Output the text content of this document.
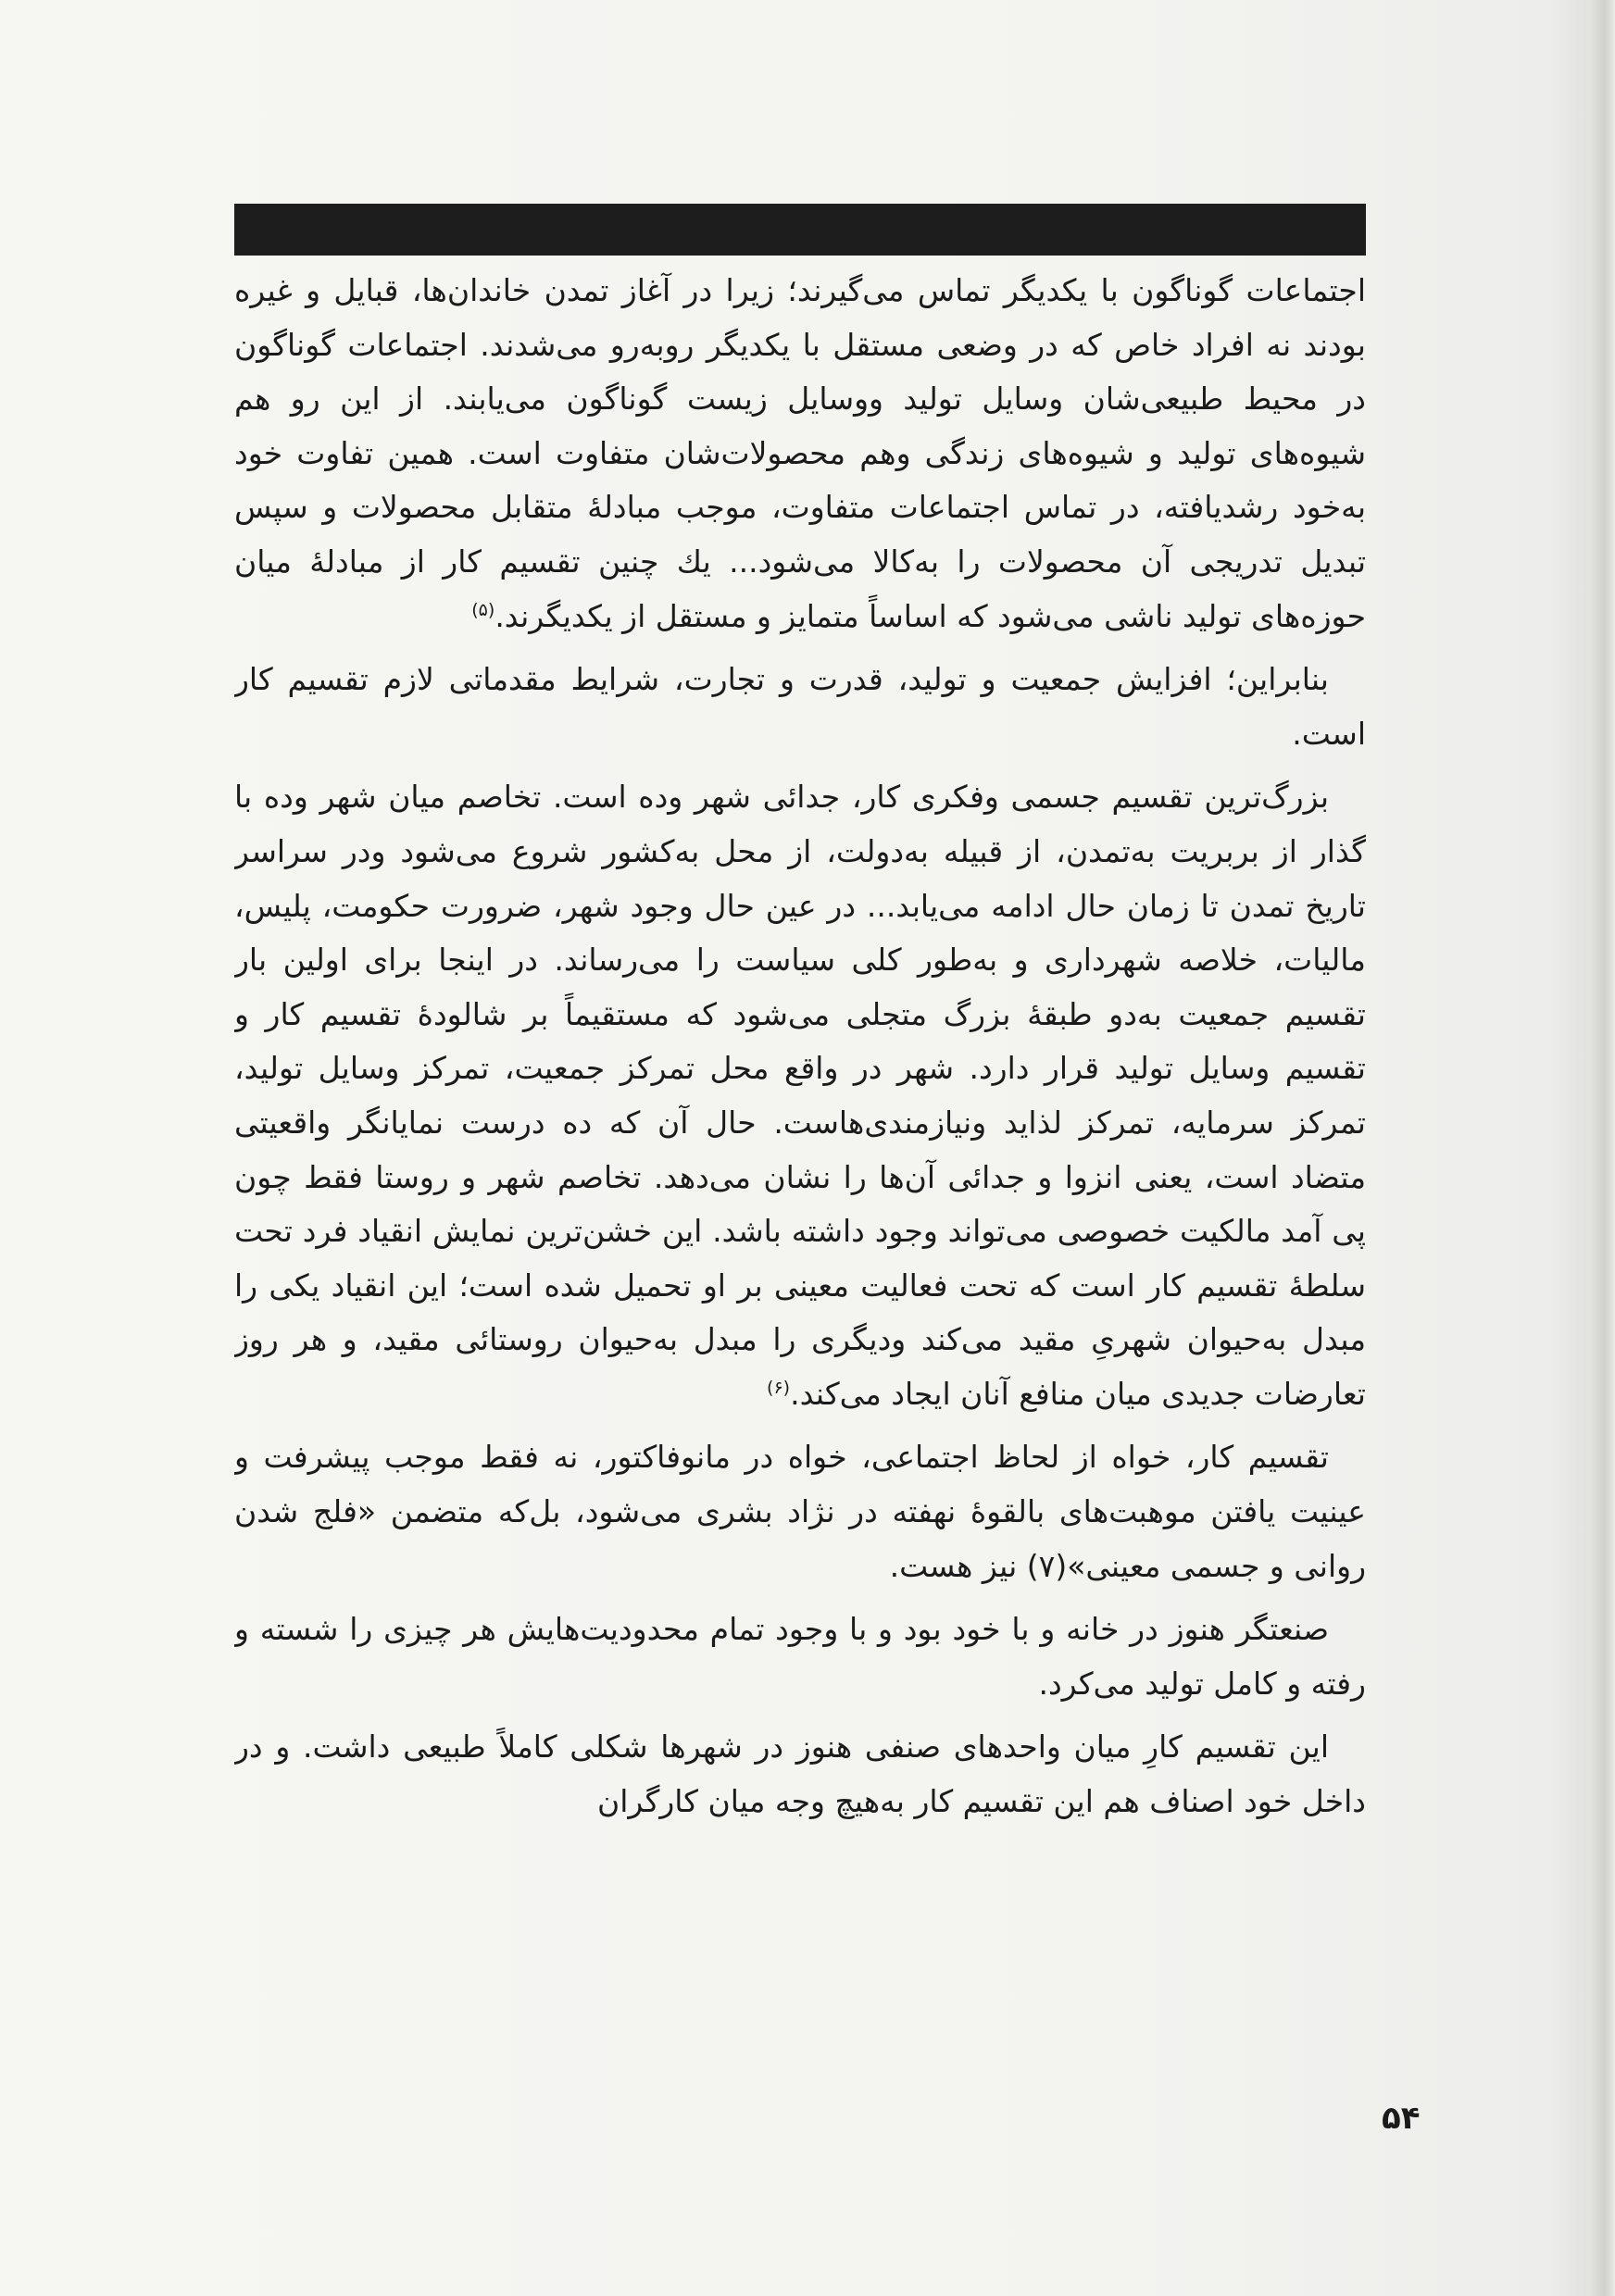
اجتماعات گوناگون با یکدیگر تماس می‌گیرند؛ زیرا در آغاز تمدن خاندان‌ها، قبایل و غیره بودند نه افراد خاص که در وضعی مستقل با یکدیگر روبه‌رو می‌شدند. اجتماعات گوناگون در محیط طبیعی‌شان وسایل تولید ووسایل زیست گوناگون می‌یابند. از این رو هم شیوه‌های تولید و شیوه‌های زندگی وهم محصولات‌شان متفاوت است. همین تفاوت خود به‌خود رشدیافته، در تماس اجتماعات متفاوت، موجب مبادلهٔ متقابل محصولات و سپس تبدیل تدریجی آن محصولات را به‌کالا می‌شود... یك چنین تقسیم کار از مبادلهٔ میان حوزه‌های تولید ناشی می‌شود که اساساً متمایز و مستقل از یکدیگرند.$^{(۵)}$

بنابراین؛ افزایش جمعیت و تولید، قدرت و تجارت، شرایط مقدماتی لازم تقسیم کار است.

بزرگ‌ترین تقسیم جسمی وفکری کار، جدائی شهر وده است. تخاصم میان شهر وده با گذار از بربریت به‌تمدن، از قبیله به‌دولت، از محل به‌کشور شروع می‌شود ودر سراسر تاریخ تمدن تا زمان حال ادامه می‌یابد... در عین حال وجود شهر، ضرورت حکومت، پلیس، مالیات، خلاصه شهرداری و به‌طور کلی سیاست را می‌رساند. در اینجا برای اولین بار تقسیم جمعیت به‌دو طبقهٔ بزرگ متجلی می‌شود که مستقیماً بر شالودهٔ تقسیم کار و تقسیم وسایل تولید قرار دارد. شهر در واقع محل تمرکز جمعیت، تمرکز وسایل تولید، تمرکز سرمایه، تمرکز لذاید ونیازمندی‌هاست. حال آن که ده درست نمایانگر واقعیتی متضاد است، یعنی انزوا و جدائی آن‌ها را نشان می‌دهد. تخاصم شهر و روستا فقط چون پی آمد مالکیت خصوصی می‌تواند وجود داشته باشد. این خشن‌ترین نمایش انقیاد فرد تحت سلطهٔ تقسیم کار است که تحت فعالیت معینی بر او تحمیل شده است؛ این انقیاد یکی را مبدل به‌حیوان شهریِ مقید می‌کند ودیگری را مبدل به‌حیوان روستائی مقید، و هر روز تعارضات جدیدی میان منافع آنان ایجاد می‌کند.$^{(۶)}$

تقسیم کار، خواه از لحاظ اجتماعی، خواه در مانوفاکتور، نه فقط موجب پیشرفت و عینیت یافتن موهبت‌های بالقوهٔ نهفته در نژاد بشری می‌شود، بل‌که متضمن «فلج شدن روانی و جسمی معینی»(۷) نیز هست.

صنعتگر هنوز در خانه و با خود بود و با وجود تمام محدودیت‌هایش هر چیزی را شسته و رفته و کامل تولید می‌کرد.

این تقسیم کارِ میان واحدهای صنفی هنوز در شهرها شکلی کاملاً طبیعی داشت. و در داخل خود اصناف هم این تقسیم کار به‌هیچ وجه میان کارگران

۵۴
